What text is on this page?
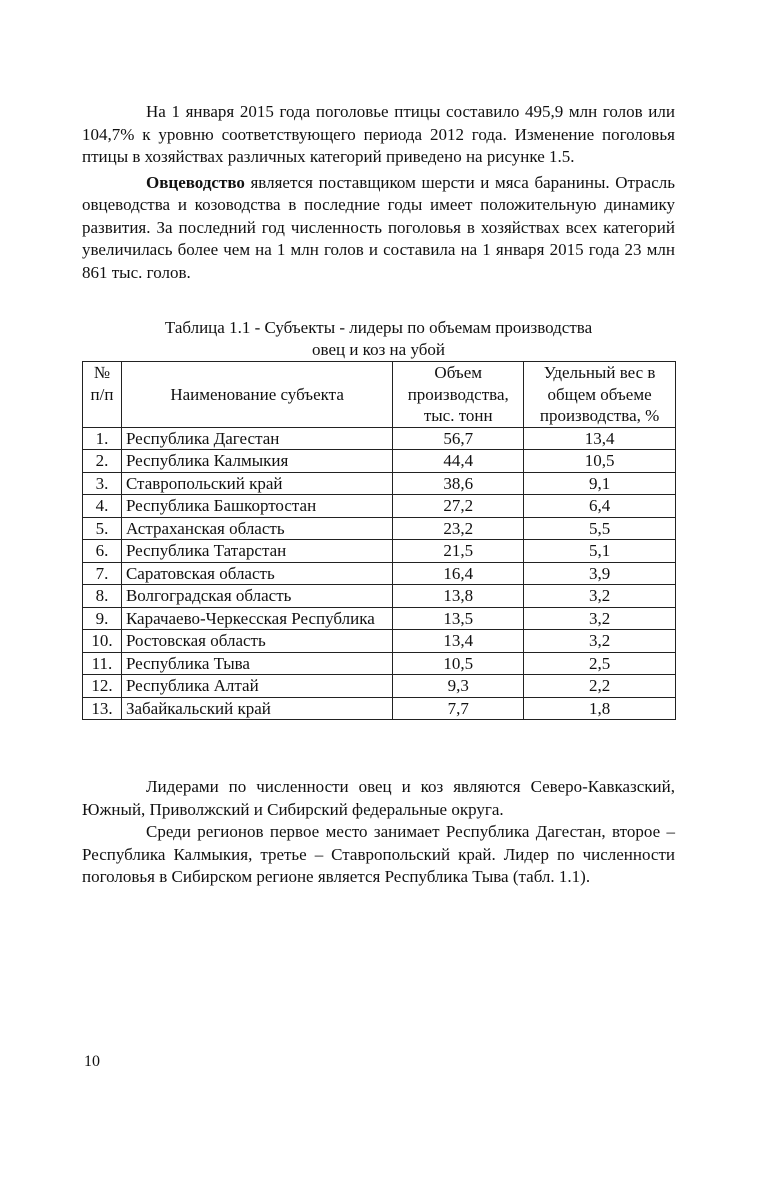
На 1 января 2015 года поголовье птицы составило 495,9 млн голов или 104,7% к уровню соответствующего периода 2012 года. Изменение поголовья птицы в хозяйствах различных категорий приведено на рисунке 1.5.

Овцеводство является поставщиком шерсти и мяса баранины. Отрасль овцеводства и козоводства в последние годы имеет положительную динамику развития. За последний год численность поголовья в хозяйствах всех категорий увеличилась более чем на 1 млн голов и составила на 1 января 2015 года 23 млн 861 тыс. голов.

Таблица 1.1 - Субъекты - лидеры по объемам производства
овец и коз на убой
№ п/п	Наименование субъекта	Объем производства, тыс. тонн	Удельный вес в общем объеме производства, %
1.	Республика Дагестан	56,7	13,4
2.	Республика Калмыкия	44,4	10,5
3.	Ставропольский край	38,6	9,1
4.	Республика Башкортостан	27,2	6,4
5.	Астраханская область	23,2	5,5
6.	Республика Татарстан	21,5	5,1
7.	Саратовская область	16,4	3,9
8.	Волгоградская область	13,8	3,2
9.	Карачаево-Черкесская Республика	13,5	3,2
10.	Ростовская область	13,4	3,2
11.	Республика Тыва	10,5	2,5
12.	Республика Алтай	9,3	2,2
13.	Забайкальский край	7,7	1,8

Лидерами по численности овец и коз являются Северо-Кавказский, Южный, Приволжский и Сибирский федеральные округа.

Среди регионов первое место занимает Республика Дагестан, второе – Республика Калмыкия, третье – Ставропольский край. Лидер по численности поголовья в Сибирском регионе является Республика Тыва (табл. 1.1).

10
